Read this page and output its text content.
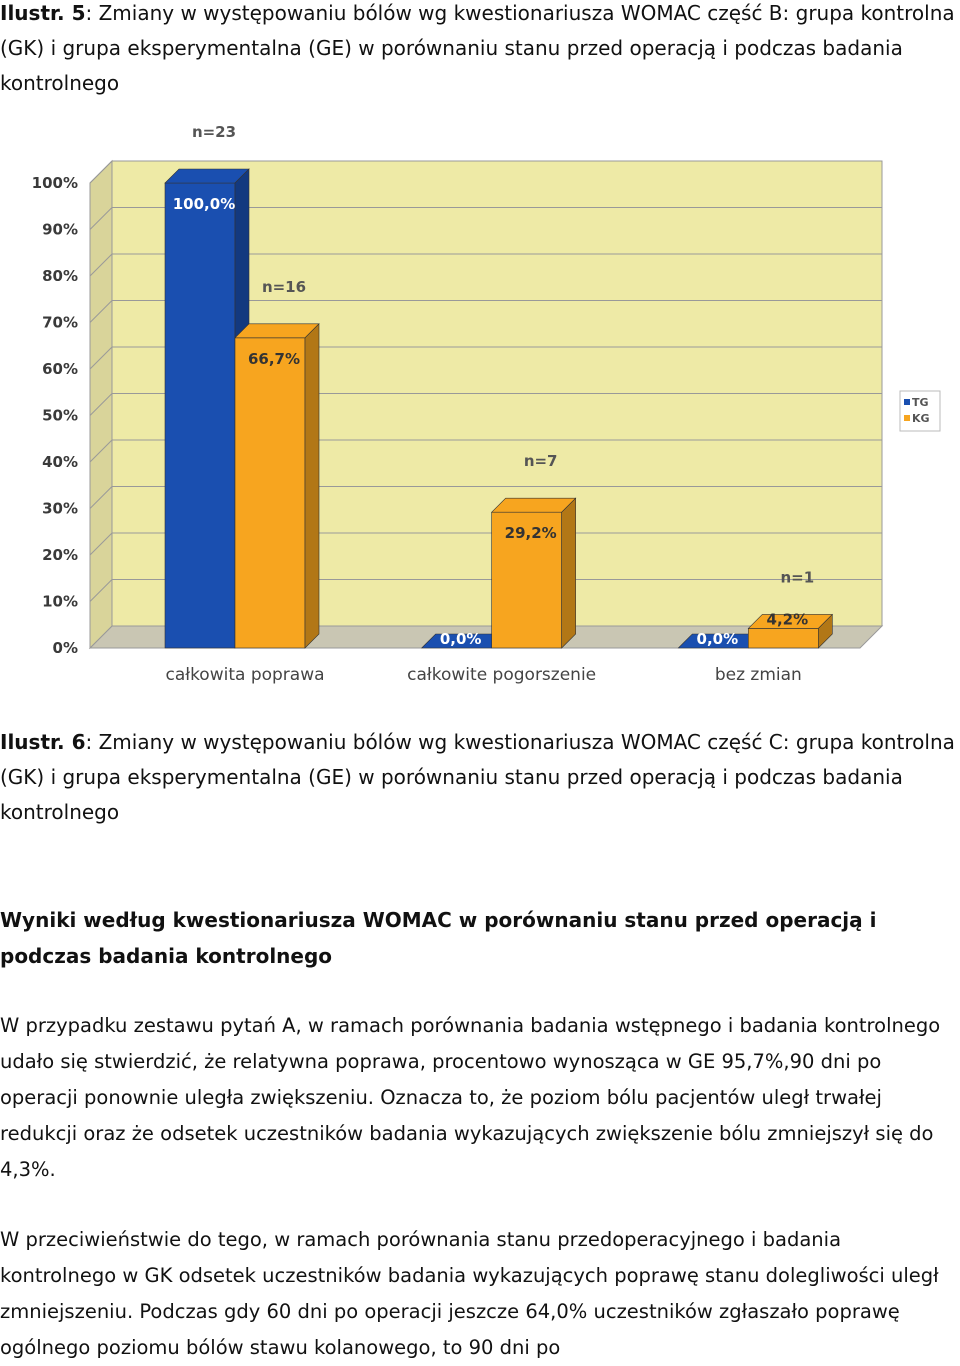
Ilustr. 5: Zmiany w występowaniu bólów wg kwestionariusza WOMAC część B: grupa kontrolna (GK) i grupa eksperymentalna (GE) w porównaniu stanu przed operacją i podczas badania kontrolnego
0%
10%
20%
30%
40%
50%
60%
70%
80%
90%
100%
100,0%
n=23
66,7%
n=16
całkowita poprawa
0,0%
29,2%
n=7
całkowite pogorszenie
0,0%
4,2%
n=1
bez zmian
TG
KG
Ilustr. 6: Zmiany w występowaniu bólów wg kwestionariusza WOMAC część C: grupa kontrolna (GK) i grupa eksperymentalna (GE) w porównaniu stanu przed operacją i podczas badania kontrolnego
Wyniki według kwestionariusza WOMAC w porównaniu stanu przed operacją i podczas badania kontrolnego
W przypadku zestawu pytań A, w ramach porównania badania wstępnego i badania kontrolnego udało się stwierdzić, że relatywna poprawa, procentowo wynosząca w GE 95,7%,90 dni po operacji ponownie uległa zwiększeniu. Oznacza to, że poziom bólu pacjentów uległ trwałej redukcji oraz że odsetek uczestników badania wykazujących zwiększenie bólu zmniejszył się do 4,3%.
W przeciwieństwie do tego, w ramach porównania stanu przedoperacyjnego i badania kontrolnego w GK odsetek uczestników badania wykazujących poprawę stanu dolegliwości uległ zmniejszeniu. Podczas gdy 60 dni po operacji jeszcze 64,0% uczestników zgłaszało poprawę ogólnego poziomu bólów stawu kolanowego, to 90 dni po
